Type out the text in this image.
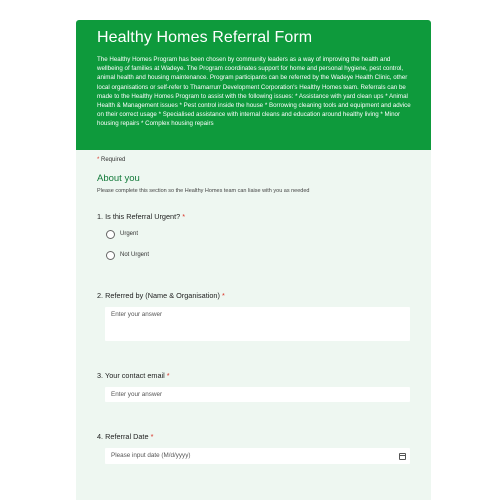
Healthy Homes Referral Form
The Healthy Homes Program has been chosen by community leaders as a way of improving the health and wellbeing of families at Wadeye. The Program coordinates support for home and personal hygiene, pest control, animal health and housing maintenance. Program participants can be referred by the Wadeye Health Clinic, other local organisations or self-refer to Thamarrurr Development Corporation's Healthy Homes team. Referrals can be made to the Healthy Homes Program to assist with the following issues: * Assistance with yard clean ups * Animal Health & Management issues * Pest control inside the house * Borrowing cleaning tools and equipment and advice on their correct usage * Specialised assistance with internal cleans and education around healthy living * Minor housing repairs * Complex housing repairs
* Required
About you
Please complete this section so the Healthy Homes team can liaise with you as needed
1. Is this Referral Urgent? *
Urgent
Not Urgent
2. Referred by (Name & Organisation) *
Enter your answer
3. Your contact email *
Enter your answer
4. Referral Date *
Please input date (M/d/yyyy)
